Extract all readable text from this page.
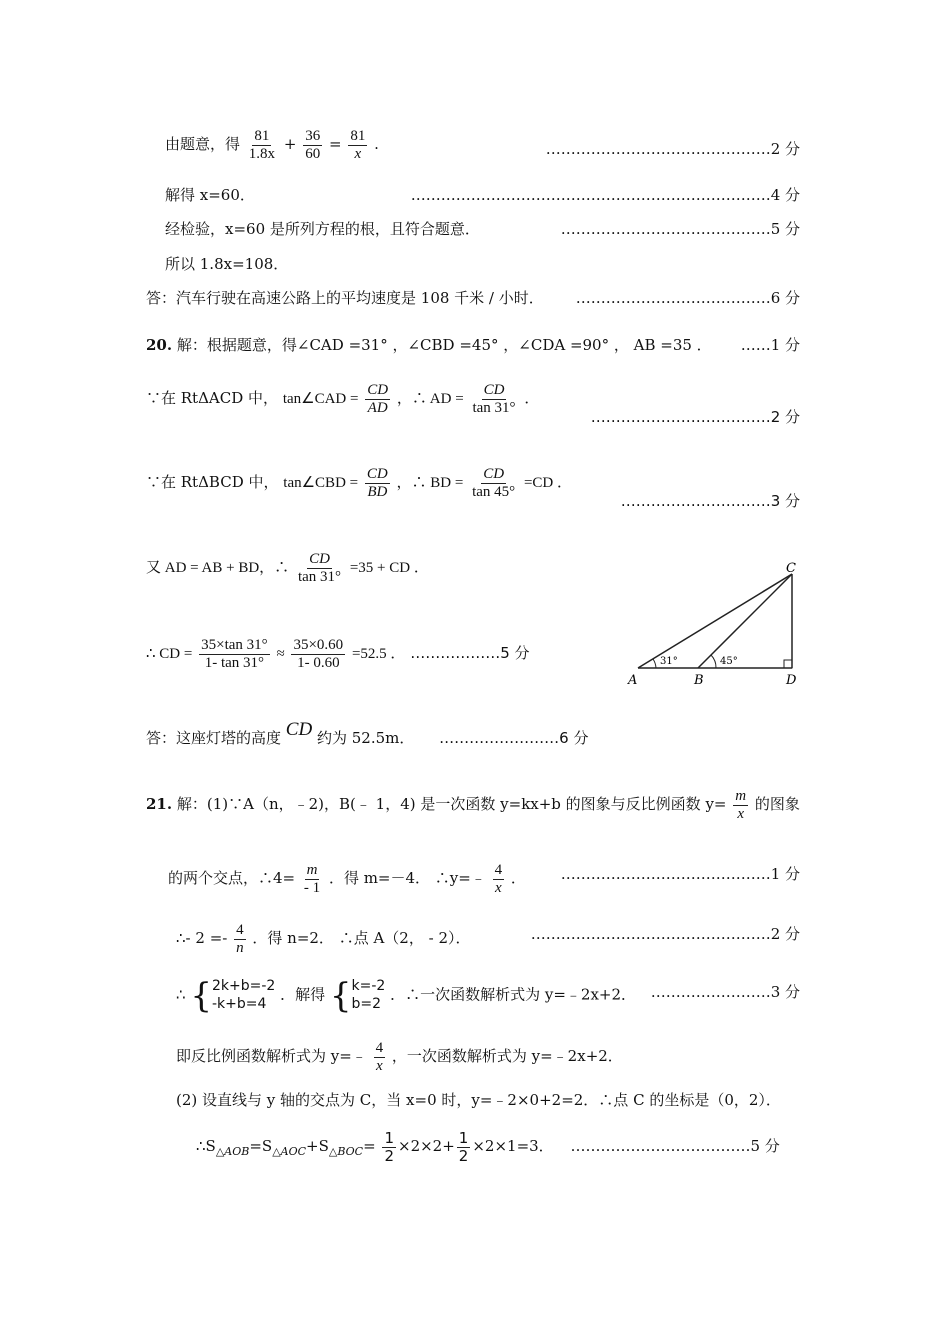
由题意，得 $\frac{81}{1.8x} + \frac{36}{60} = \frac{81}{x}$ .	………………………………………2 分
解得 x=60．	………………………………………………………………4 分
经检验，x=60 是所列方程的根，且符合题意．	……………………………………5 分
所以 1.8x=108．
答：汽车行驶在高速公路上的平均速度是 108 千米 / 小时． …………………………………6 分
20. 解：根据题意，得∠CAD =31° ，∠CBD =45° ，∠CDA =90° ， AB =35 ． ……1 分
∵在 RtΔACD 中， tan∠CAD = $\frac{CD}{AD}$ ，∴ AD = $\frac{CD}{\tan 31^\circ}$ ．
………………………………2 分
∵在 RtΔBCD 中， tan∠CBD = $\frac{CD}{BD}$ ，∴ BD = $\frac{CD}{\tan 45^\circ} =CD$ ．
…………………………3 分
又 AD = AB + BD，∴ $\frac{CD}{\tan 31^\circ} =35$ + CD ．
∴ CD = $\frac{35\times\tan 31^\circ}{1- \tan 31^\circ} \approx \frac{35\times 0.60}{1- 0.60} =52.5$ ． ………………5 分	31°	45°
A	B	D
C
答：这座灯塔的高度 CD 约为 52.5m． ……………………6 分
21. 解：(1)∵A（n，﹣2)，B(﹣ 1，4) 是一次函数 y=kx+b 的图象与反比例函数 $y= \frac{m}{x}$ 的图象
的两个交点，∴4= $\frac{m}{- 1}$ ．得 m=－4． ∴y=﹣ $\frac{4}{x}$ ． ……………………………………1 分
∴- $2 =- \frac{4}{n}$ ．得 n=2． ∴点 A（2， - 2）．	…………………………………………2 分
∴ { 2k+b=-2
-k+b=4 ．解得 { k=-2
b=2 ．∴一次函数解析式为 y=﹣2x+2． ……………………3 分
即反比例函数解析式为 y=﹣ $\frac{4}{x}$ ，一次函数解析式为 y=﹣2x+2．
(2) 设直线与 y 轴的交点为 C，当 x=0 时，y=﹣2×0+2=2．∴点 C 的坐标是（0，2）．
$\therefore S_{\triangle AOB}=S_{\triangle AOC}+S_{\triangle BOC}= \frac{1}{2} \times 2\times 2+ \frac{1}{2} \times 2\times 1=3$． ………………………………5 分
